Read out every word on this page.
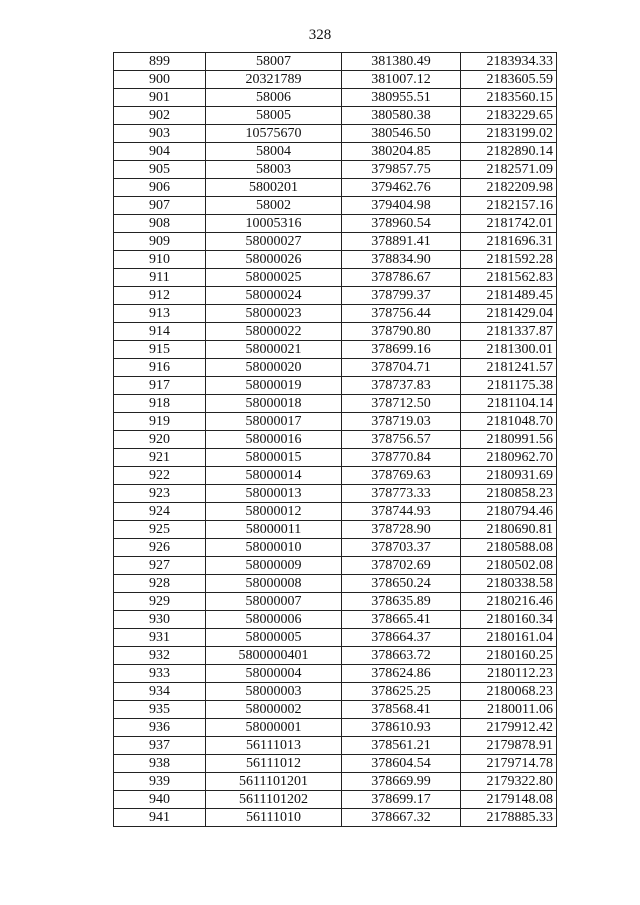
328
899	58007	381380.49	2183934.33
900	20321789	381007.12	2183605.59
901	58006	380955.51	2183560.15
902	58005	380580.38	2183229.65
903	10575670	380546.50	2183199.02
904	58004	380204.85	2182890.14
905	58003	379857.75	2182571.09
906	5800201	379462.76	2182209.98
907	58002	379404.98	2182157.16
908	10005316	378960.54	2181742.01
909	58000027	378891.41	2181696.31
910	58000026	378834.90	2181592.28
911	58000025	378786.67	2181562.83
912	58000024	378799.37	2181489.45
913	58000023	378756.44	2181429.04
914	58000022	378790.80	2181337.87
915	58000021	378699.16	2181300.01
916	58000020	378704.71	2181241.57
917	58000019	378737.83	2181175.38
918	58000018	378712.50	2181104.14
919	58000017	378719.03	2181048.70
920	58000016	378756.57	2180991.56
921	58000015	378770.84	2180962.70
922	58000014	378769.63	2180931.69
923	58000013	378773.33	2180858.23
924	58000012	378744.93	2180794.46
925	58000011	378728.90	2180690.81
926	58000010	378703.37	2180588.08
927	58000009	378702.69	2180502.08
928	58000008	378650.24	2180338.58
929	58000007	378635.89	2180216.46
930	58000006	378665.41	2180160.34
931	58000005	378664.37	2180161.04
932	5800000401	378663.72	2180160.25
933	58000004	378624.86	2180112.23
934	58000003	378625.25	2180068.23
935	58000002	378568.41	2180011.06
936	58000001	378610.93	2179912.42
937	56111013	378561.21	2179878.91
938	56111012	378604.54	2179714.78
939	5611101201	378669.99	2179322.80
940	5611101202	378699.17	2179148.08
941	56111010	378667.32	2178885.33
